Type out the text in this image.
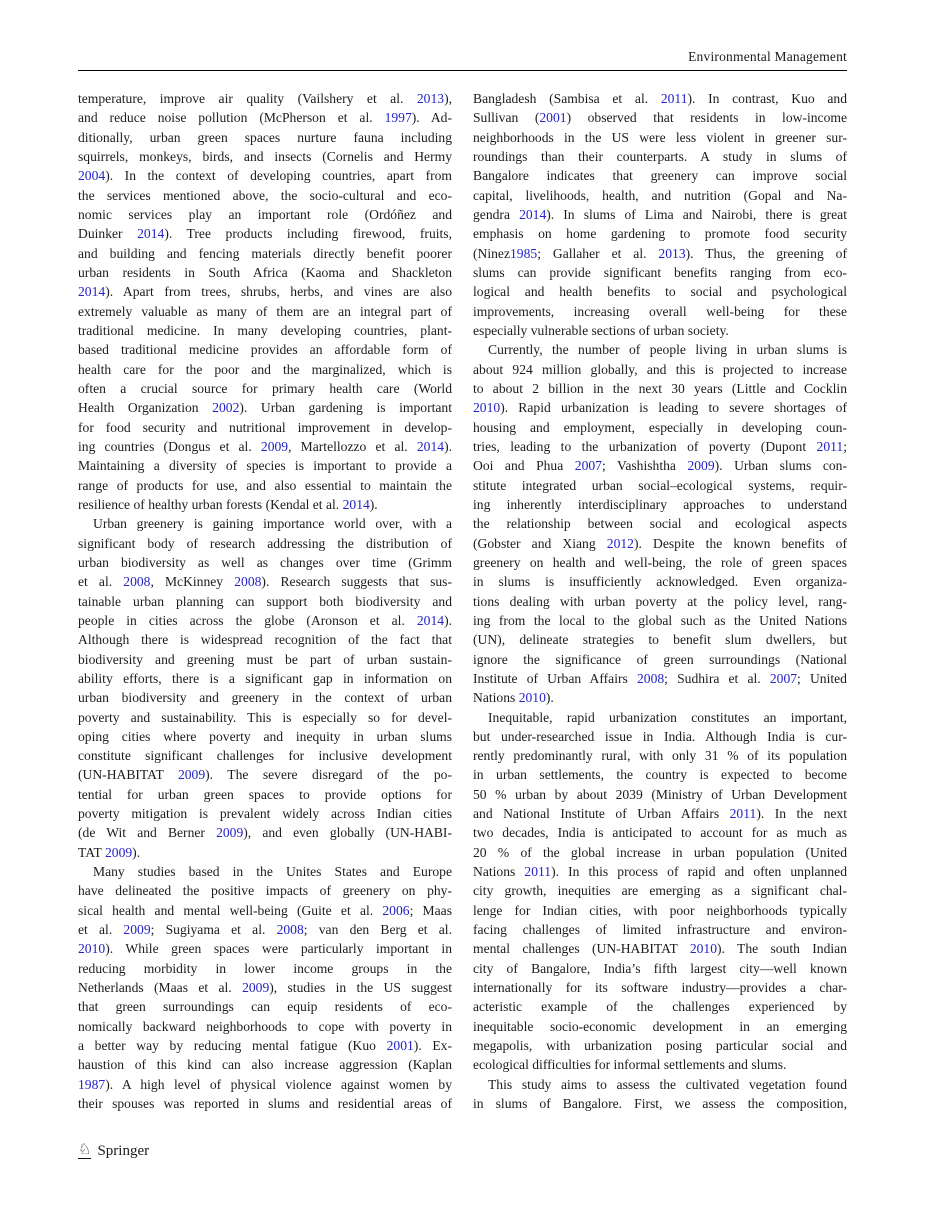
Environmental Management
temperature, improve air quality (Vailshery et al. 2013),
and reduce noise pollution (McPherson et al. 1997). Ad-
ditionally, urban green spaces nurture fauna including
squirrels, monkeys, birds, and insects (Cornelis and Hermy
2004). In the context of developing countries, apart from
the services mentioned above, the socio-cultural and eco-
nomic services play an important role (Ordóñez and
Duinker 2014). Tree products including firewood, fruits,
and building and fencing materials directly benefit poorer
urban residents in South Africa (Kaoma and Shackleton
2014). Apart from trees, shrubs, herbs, and vines are also
extremely valuable as many of them are an integral part of
traditional medicine. In many developing countries, plant-
based traditional medicine provides an affordable form of
health care for the poor and the marginalized, which is
often a crucial source for primary health care (World
Health Organization 2002). Urban gardening is important
for food security and nutritional improvement in develop-
ing countries (Dongus et al. 2009, Martellozzo et al. 2014).
Maintaining a diversity of species is important to provide a
range of products for use, and also essential to maintain the
resilience of healthy urban forests (Kendal et al. 2014).
Urban greenery is gaining importance world over, with a
significant body of research addressing the distribution of
urban biodiversity as well as changes over time (Grimm
et al. 2008, McKinney 2008). Research suggests that sus-
tainable urban planning can support both biodiversity and
people in cities across the globe (Aronson et al. 2014).
Although there is widespread recognition of the fact that
biodiversity and greening must be part of urban sustain-
ability efforts, there is a significant gap in information on
urban biodiversity and greenery in the context of urban
poverty and sustainability. This is especially so for devel-
oping cities where poverty and inequity in urban slums
constitute significant challenges for inclusive development
(UN-HABITAT 2009). The severe disregard of the po-
tential for urban green spaces to provide options for
poverty mitigation is prevalent widely across Indian cities
(de Wit and Berner 2009), and even globally (UN-HABI-
TAT 2009).
Many studies based in the Unites States and Europe
have delineated the positive impacts of greenery on phy-
sical health and mental well-being (Guite et al. 2006; Maas
et al. 2009; Sugiyama et al. 2008; van den Berg et al.
2010). While green spaces were particularly important in
reducing morbidity in lower income groups in the
Netherlands (Maas et al. 2009), studies in the US suggest
that green surroundings can equip residents of eco-
nomically backward neighborhoods to cope with poverty in
a better way by reducing mental fatigue (Kuo 2001). Ex-
haustion of this kind can also increase aggression (Kaplan
1987). A high level of physical violence against women by
their spouses was reported in slums and residential areas of
Bangladesh (Sambisa et al. 2011). In contrast, Kuo and
Sullivan (2001) observed that residents in low-income
neighborhoods in the US were less violent in greener sur-
roundings than their counterparts. A study in slums of
Bangalore indicates that greenery can improve social
capital, livelihoods, health, and nutrition (Gopal and Na-
gendra 2014). In slums of Lima and Nairobi, there is great
emphasis on home gardening to promote food security
(Ninez1985; Gallaher et al. 2013). Thus, the greening of
slums can provide significant benefits ranging from eco-
logical and health benefits to social and psychological
improvements, increasing overall well-being for these
especially vulnerable sections of urban society.
Currently, the number of people living in urban slums is
about 924 million globally, and this is projected to increase
to about 2 billion in the next 30 years (Little and Cocklin
2010). Rapid urbanization is leading to severe shortages of
housing and employment, especially in developing coun-
tries, leading to the urbanization of poverty (Dupont 2011;
Ooi and Phua 2007; Vashishtha 2009). Urban slums con-
stitute integrated urban social–ecological systems, requir-
ing inherently interdisciplinary approaches to understand
the relationship between social and ecological aspects
(Gobster and Xiang 2012). Despite the known benefits of
greenery on health and well-being, the role of green spaces
in slums is insufficiently acknowledged. Even organiza-
tions dealing with urban poverty at the policy level, rang-
ing from the local to the global such as the United Nations
(UN), delineate strategies to benefit slum dwellers, but
ignore the significance of green surroundings (National
Institute of Urban Affairs 2008; Sudhira et al. 2007; United
Nations 2010).
Inequitable, rapid urbanization constitutes an important,
but under-researched issue in India. Although India is cur-
rently predominantly rural, with only 31 % of its population
in urban settlements, the country is expected to become
50 % urban by about 2039 (Ministry of Urban Development
and National Institute of Urban Affairs 2011). In the next
two decades, India is anticipated to account for as much as
20 % of the global increase in urban population (United
Nations 2011). In this process of rapid and often unplanned
city growth, inequities are emerging as a significant chal-
lenge for Indian cities, with poor neighborhoods typically
facing challenges of limited infrastructure and environ-
mental challenges (UN-HABITAT 2010). The south Indian
city of Bangalore, India’s fifth largest city—well known
internationally for its software industry—provides a char-
acteristic example of the challenges experienced by
inequitable socio-economic development in an emerging
megapolis, with urbanization posing particular social and
ecological difficulties for informal settlements and slums.
This study aims to assess the cultivated vegetation found
in slums of Bangalore. First, we assess the composition,
♘ Springer
